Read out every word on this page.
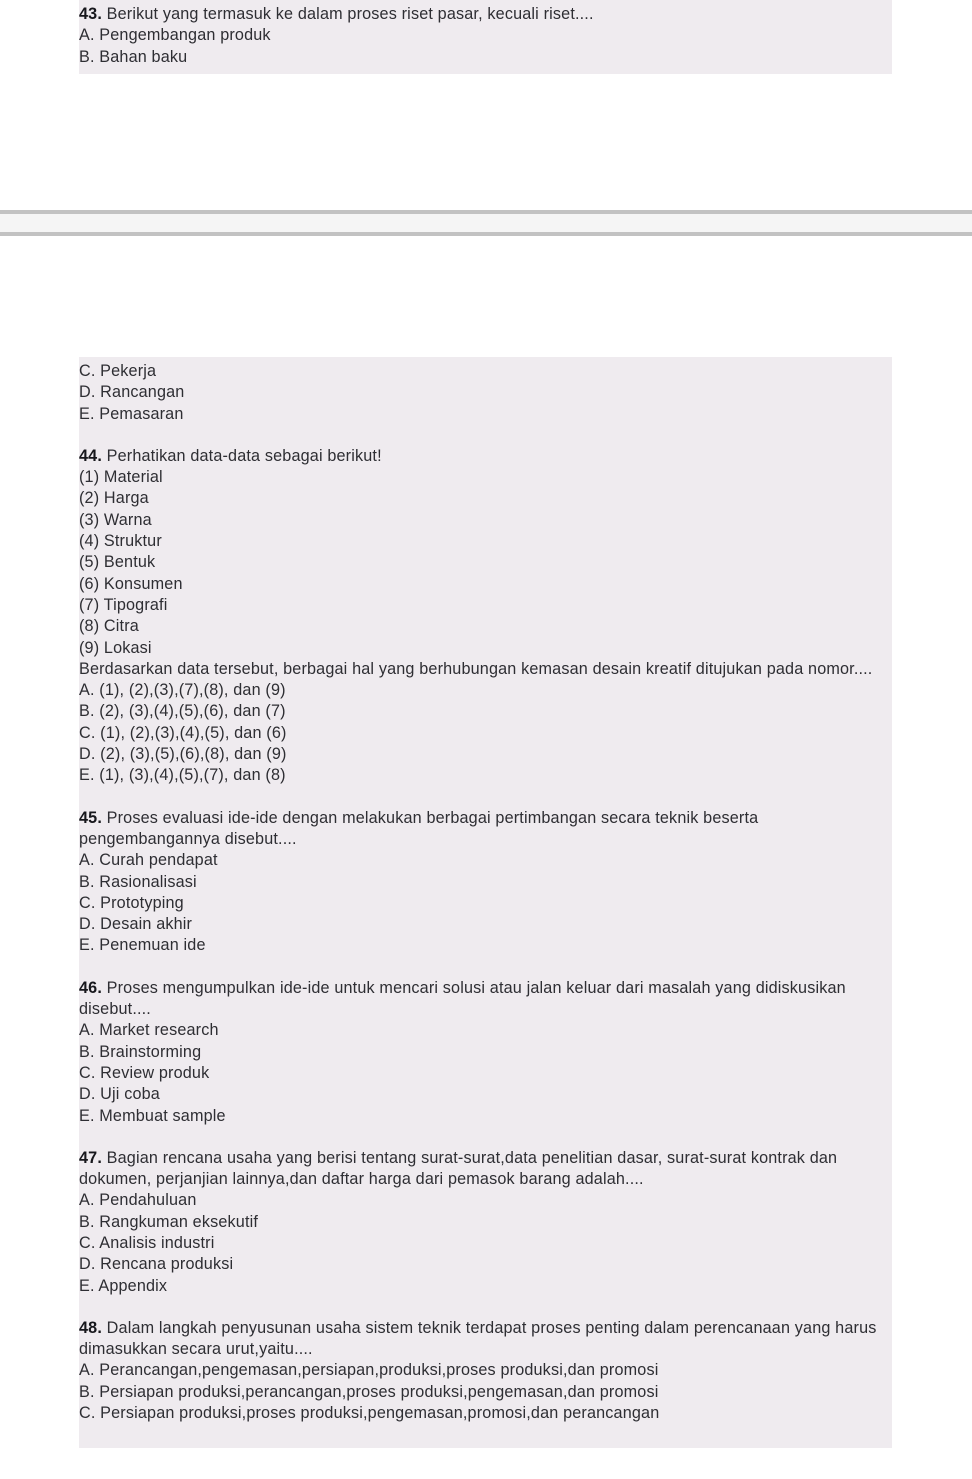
43. Berikut yang termasuk ke dalam proses riset pasar, kecuali riset....
A. Pengembangan produk
B. Bahan baku
C. Pekerja
D. Rancangan
E. Pemasaran
44. Perhatikan data-data sebagai berikut!
(1) Material
(2) Harga
(3) Warna
(4) Struktur
(5) Bentuk
(6) Konsumen
(7) Tipografi
(8) Citra
(9) Lokasi
Berdasarkan data tersebut, berbagai hal yang berhubungan kemasan desain kreatif ditujukan pada nomor....
A. (1), (2),(3),(7),(8), dan (9)
B. (2), (3),(4),(5),(6), dan (7)
C. (1), (2),(3),(4),(5), dan (6)
D. (2), (3),(5),(6),(8), dan (9)
E. (1), (3),(4),(5),(7), dan (8)
45. Proses evaluasi ide-ide dengan melakukan berbagai pertimbangan secara teknik beserta pengembangannya disebut....
A. Curah pendapat
B. Rasionalisasi
C. Prototyping
D. Desain akhir
E. Penemuan ide
46. Proses mengumpulkan ide-ide untuk mencari solusi atau jalan keluar dari masalah yang didiskusikan disebut....
A. Market research
B. Brainstorming
C. Review produk
D. Uji coba
E. Membuat sample
47. Bagian rencana usaha yang berisi tentang surat-surat,data penelitian dasar, surat-surat kontrak dan dokumen, perjanjian lainnya,dan daftar harga dari pemasok barang adalah....
A. Pendahuluan
B. Rangkuman eksekutif
C. Analisis industri
D. Rencana produksi
E. Appendix
48. Dalam langkah penyusunan usaha sistem teknik terdapat proses penting dalam perencanaan yang harus dimasukkan secara urut,yaitu....
A. Perancangan,pengemasan,persiapan,produksi,proses produksi,dan promosi
B. Persiapan produksi,perancangan,proses produksi,pengemasan,dan promosi
C. Persiapan produksi,proses produksi,pengemasan,promosi,dan perancangan
